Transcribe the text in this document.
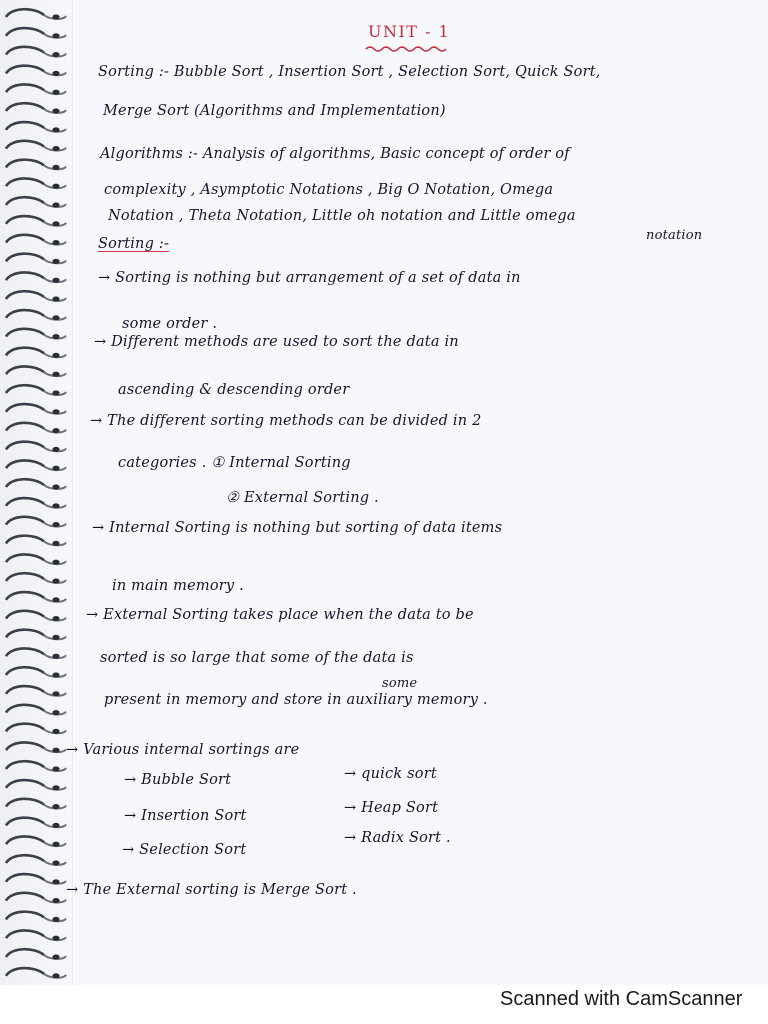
UNIT - 1
Sorting :- Bubble Sort , Insertion Sort , Selection Sort, Quick Sort,
Merge Sort (Algorithms and Implementation)
Algorithms :- Analysis of algorithms, Basic concept of order of
complexity , Asymptotic Notations , Big O Notation, Omega
Notation , Theta Notation, Little oh notation and Little omega
notation
Sorting :-
→ Sorting is nothing but arrangement of a set of data in
some order .
→ Different methods are used to sort the data in
ascending & descending order
→ The different sorting methods can be divided in 2
categories . ① Internal Sorting
② External Sorting .
→ Internal Sorting is nothing but sorting of data items
in main memory .
→ External Sorting takes place when the data to be
sorted is so large that some of the data is
some
present in memory and store in auxiliary memory .
→ Various internal sortings are
→ Bubble Sort	→ quick sort
→ Insertion Sort	→ Heap Sort
→ Selection Sort
→ Radix Sort .
→ The External sorting is Merge Sort .
Scanned with CamScanner
